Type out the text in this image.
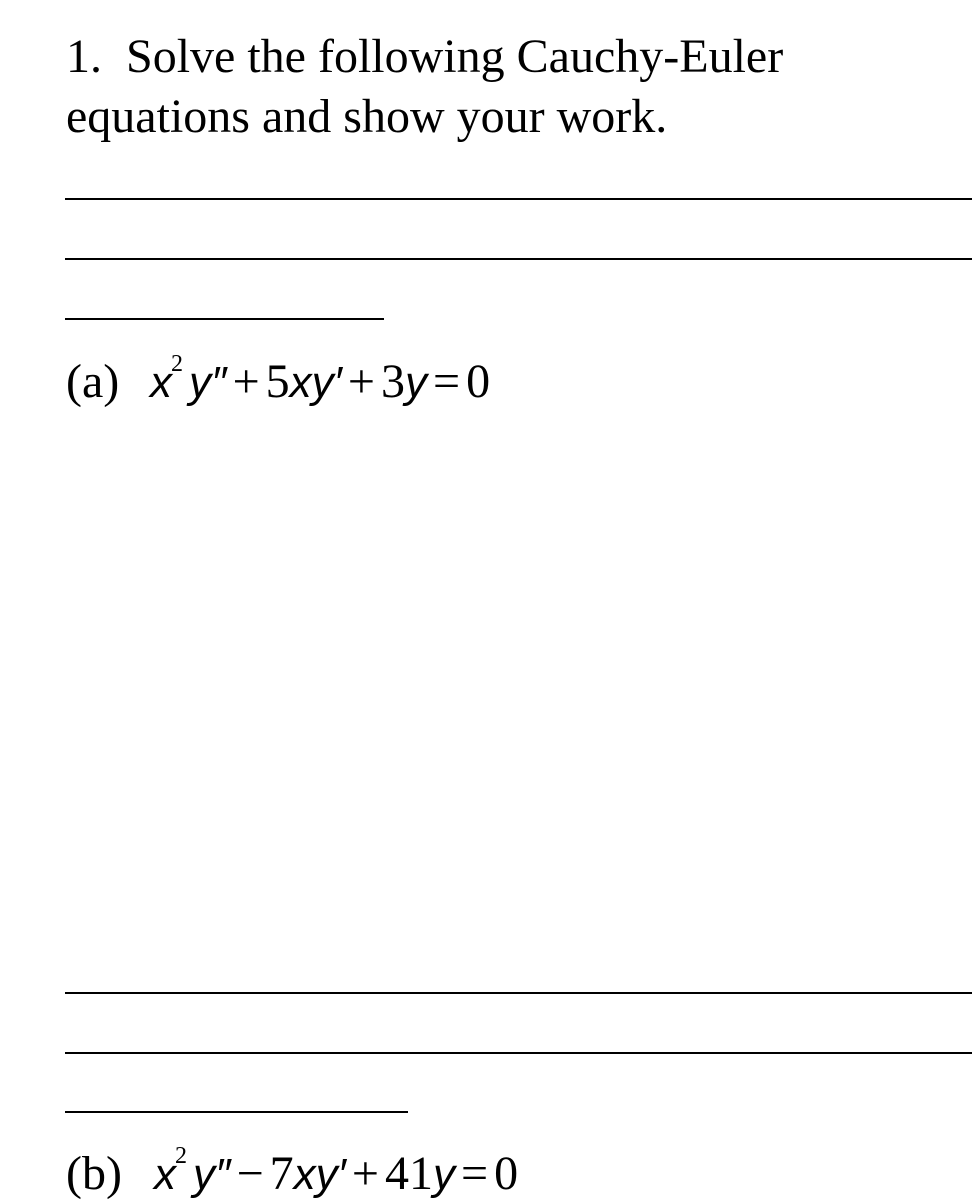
1. Solve the following Cauchy-Euler
equations and show your work.
(a) $x^2$ y″ + 5xy′ + 3y = 0
(b) $x^2$ y″ − 7xy′ + 41y = 0
